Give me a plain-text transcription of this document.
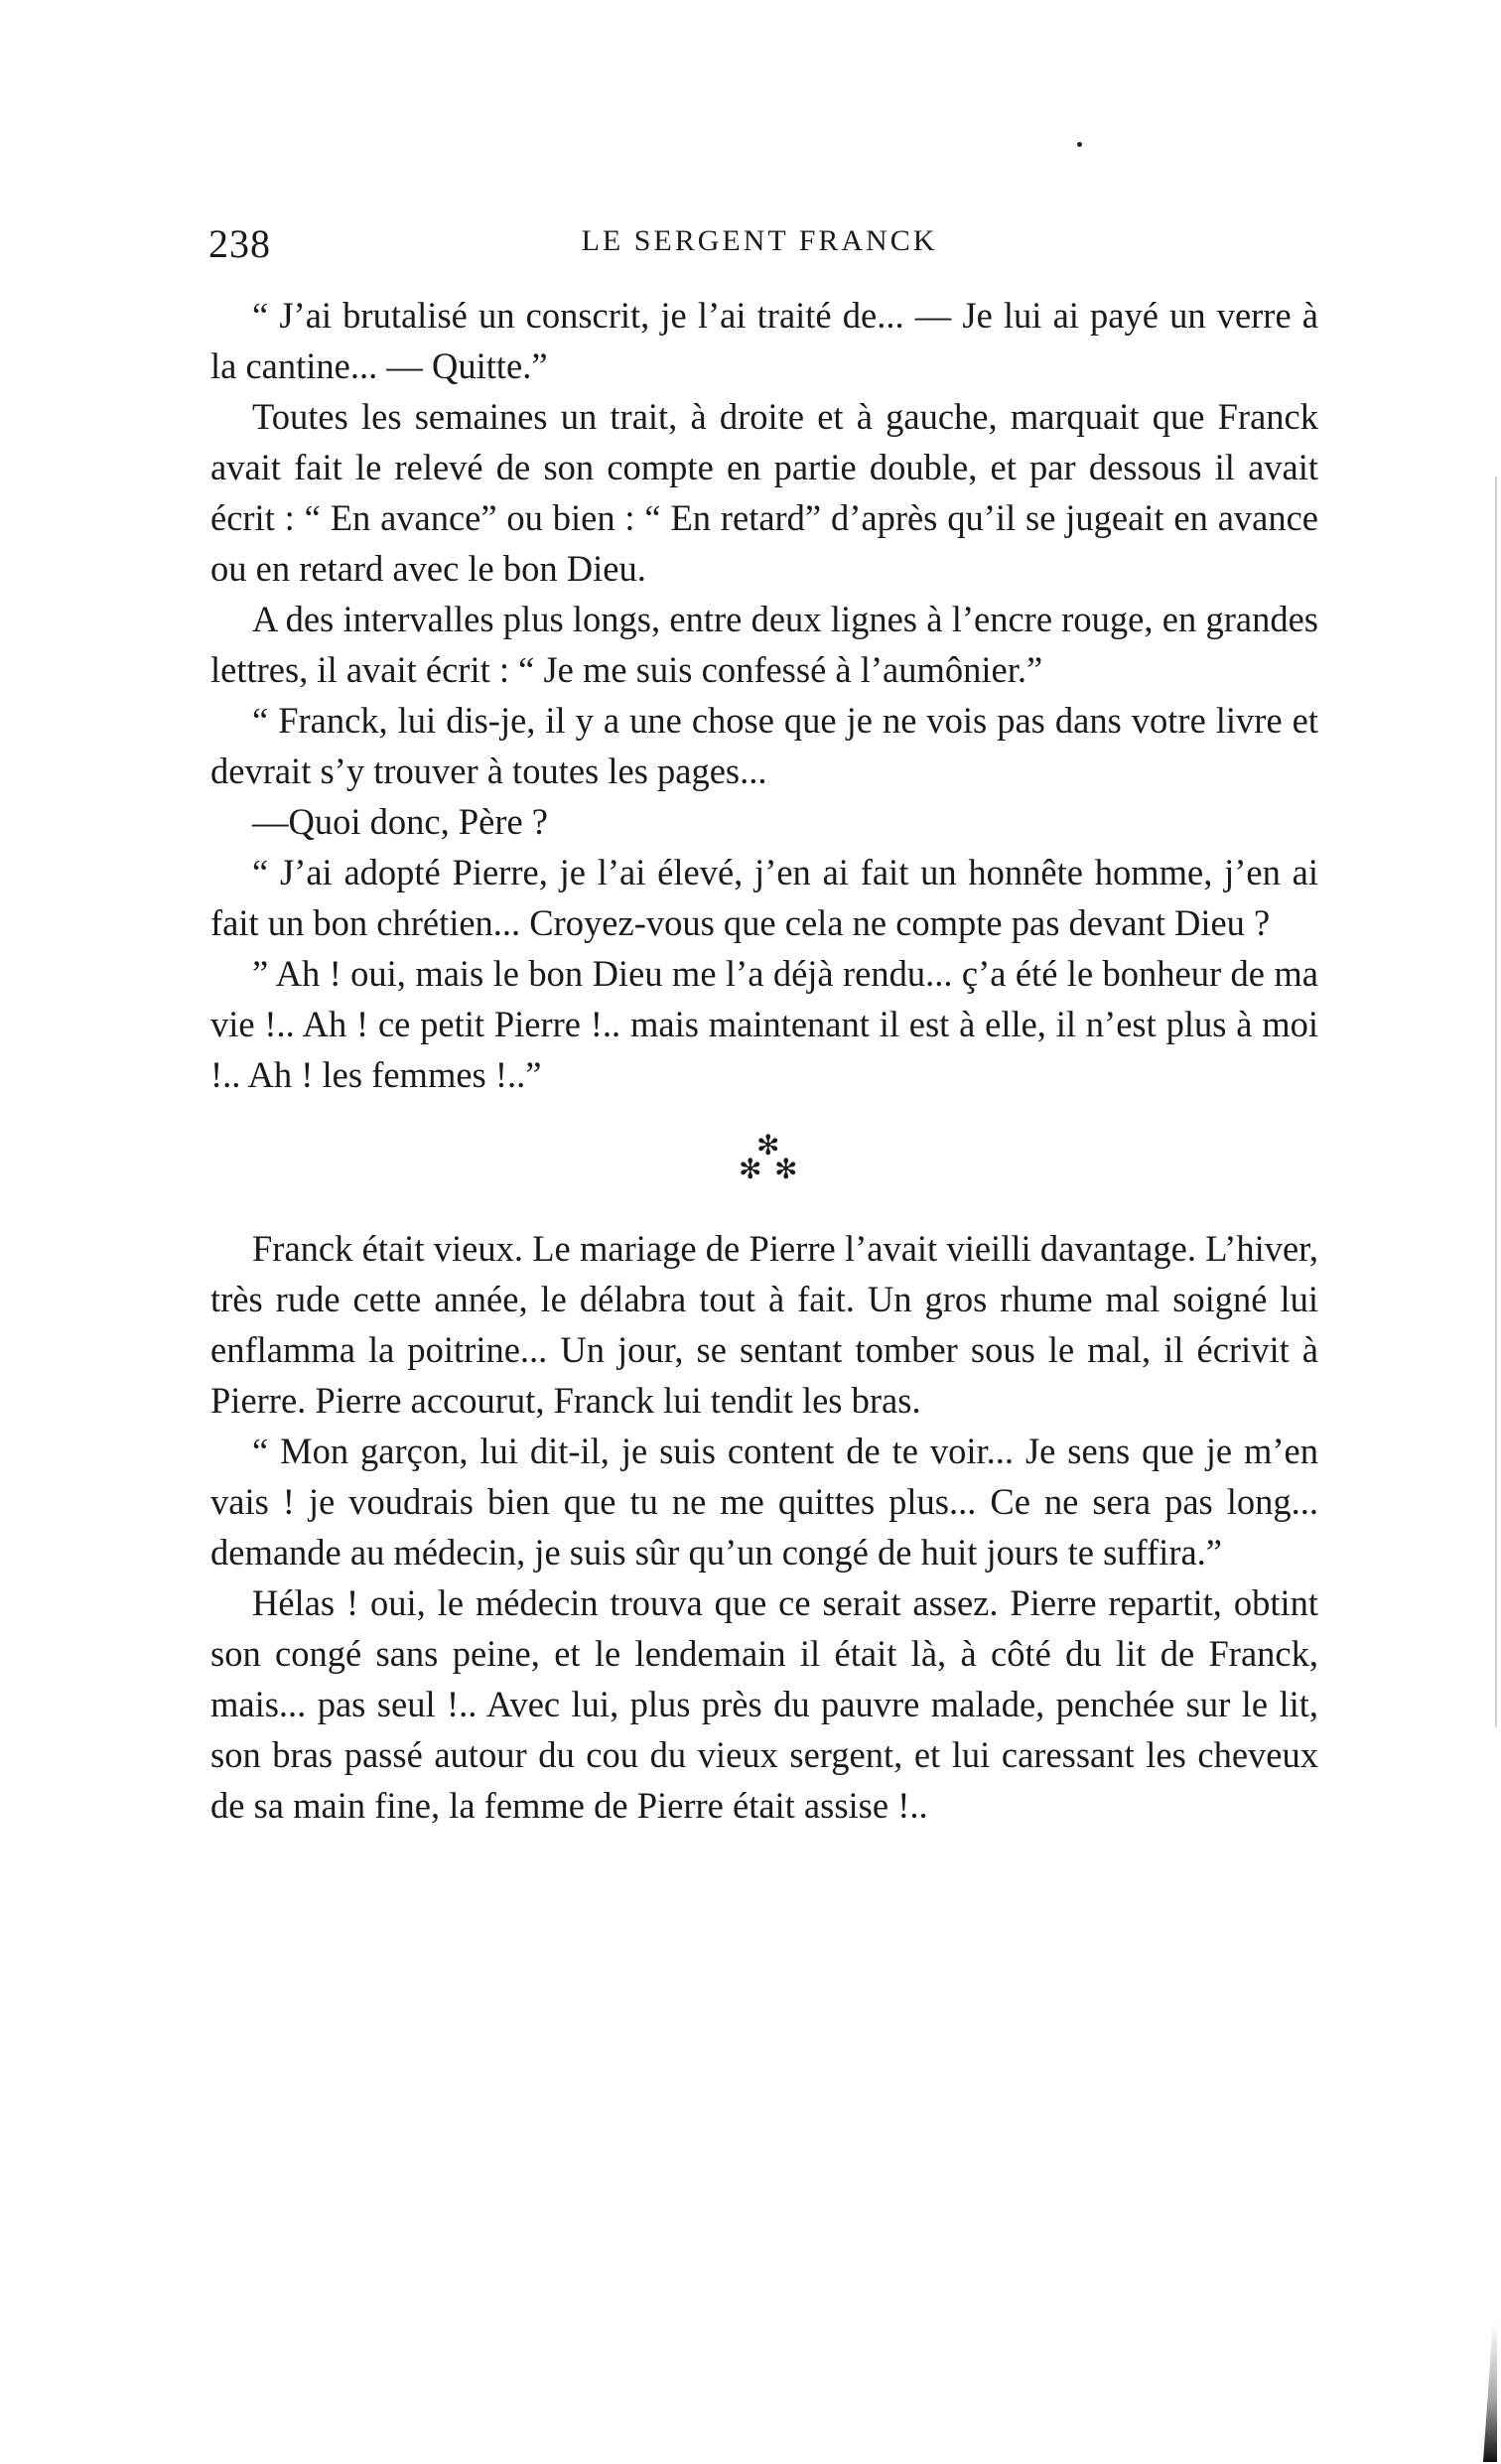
238	LE SERGENT FRANCK

“ J’ai brutalisé un conscrit, je l’ai traité de... — Je lui ai payé un verre à la cantine... — Quitte.”

Toutes les semaines un trait, à droite et à gauche, marquait que Franck avait fait le relevé de son compte en partie double, et par dessous il avait écrit : “ En avance” ou bien : “ En retard” d’après qu’il se jugeait en avance ou en retard avec le bon Dieu.

A des intervalles plus longs, entre deux lignes à l’encre rouge, en grandes lettres, il avait écrit : “ Je me suis confessé à l’aumônier.”

“ Franck, lui dis-je, il y a une chose que je ne vois pas dans votre livre et devrait s’y trouver à toutes les pages...

—Quoi donc, Père ?

“ J’ai adopté Pierre, je l’ai élevé, j’en ai fait un honnête homme, j’en ai fait un bon chrétien... Croyez-vous que cela ne compte pas devant Dieu ?

” Ah ! oui, mais le bon Dieu me l’a déjà rendu... ç’a été le bonheur de ma vie !.. Ah ! ce petit Pierre !.. mais maintenant il est à elle, il n’est plus à moi !.. Ah ! les femmes !..”

✻
✻
✻

Franck était vieux. Le mariage de Pierre l’avait vieilli davantage. L’hiver, très rude cette année, le délabra tout à fait. Un gros rhume mal soigné lui enflamma la poitrine... Un jour, se sentant tomber sous le mal, il écrivit à Pierre. Pierre accourut, Franck lui tendit les bras.

“ Mon garçon, lui dit-il, je suis content de te voir... Je sens que je m’en vais ! je voudrais bien que tu ne me quittes plus... Ce ne sera pas long... demande au médecin, je suis sûr qu’un congé de huit jours te suffira.”

Hélas ! oui, le médecin trouva que ce serait assez. Pierre repartit, obtint son congé sans peine, et le lendemain il était là, à côté du lit de Franck, mais... pas seul !.. Avec lui, plus près du pauvre malade, penchée sur le lit, son bras passé autour du cou du vieux sergent, et lui caressant les cheveux de sa main fine, la femme de Pierre était assise !..
